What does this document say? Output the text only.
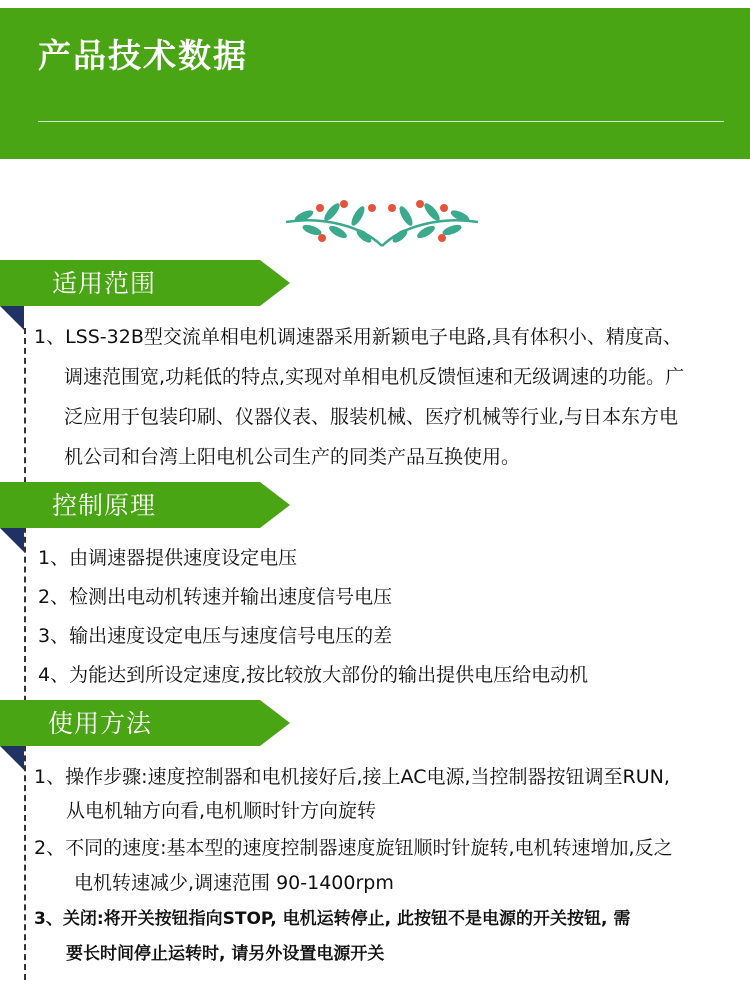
产品技术数据
适用范围
1、LSS-32B型交流单相电机调速器采用新颖电子电路,具有体积小、精度高、
调速范围宽,功耗低的特点,实现对单相电机反馈恒速和无级调速的功能。广
泛应用于包装印刷、仪器仪表、服装机械、医疗机械等行业,与日本东方电
机公司和台湾上阳电机公司生产的同类产品互换使用。
控制原理
1、由调速器提供速度设定电压
2、检测出电动机转速并输出速度信号电压
3、输出速度设定电压与速度信号电压的差
4、为能达到所设定速度,按比较放大部份的输出提供电压给电动机
使用方法
1、操作步骤:速度控制器和电机接好后,接上AC电源,当控制器按钮调至RUN,
从电机轴方向看,电机顺时针方向旋转
2、不同的速度:基本型的速度控制器速度旋钮顺时针旋转,电机转速增加,反之
电机转速减少,调速范围 90-1400rpm
3、关闭:将开关按钮指向STOP, 电机运转停止, 此按钮不是电源的开关按钮, 需
要长时间停止运转时, 请另外设置电源开关
